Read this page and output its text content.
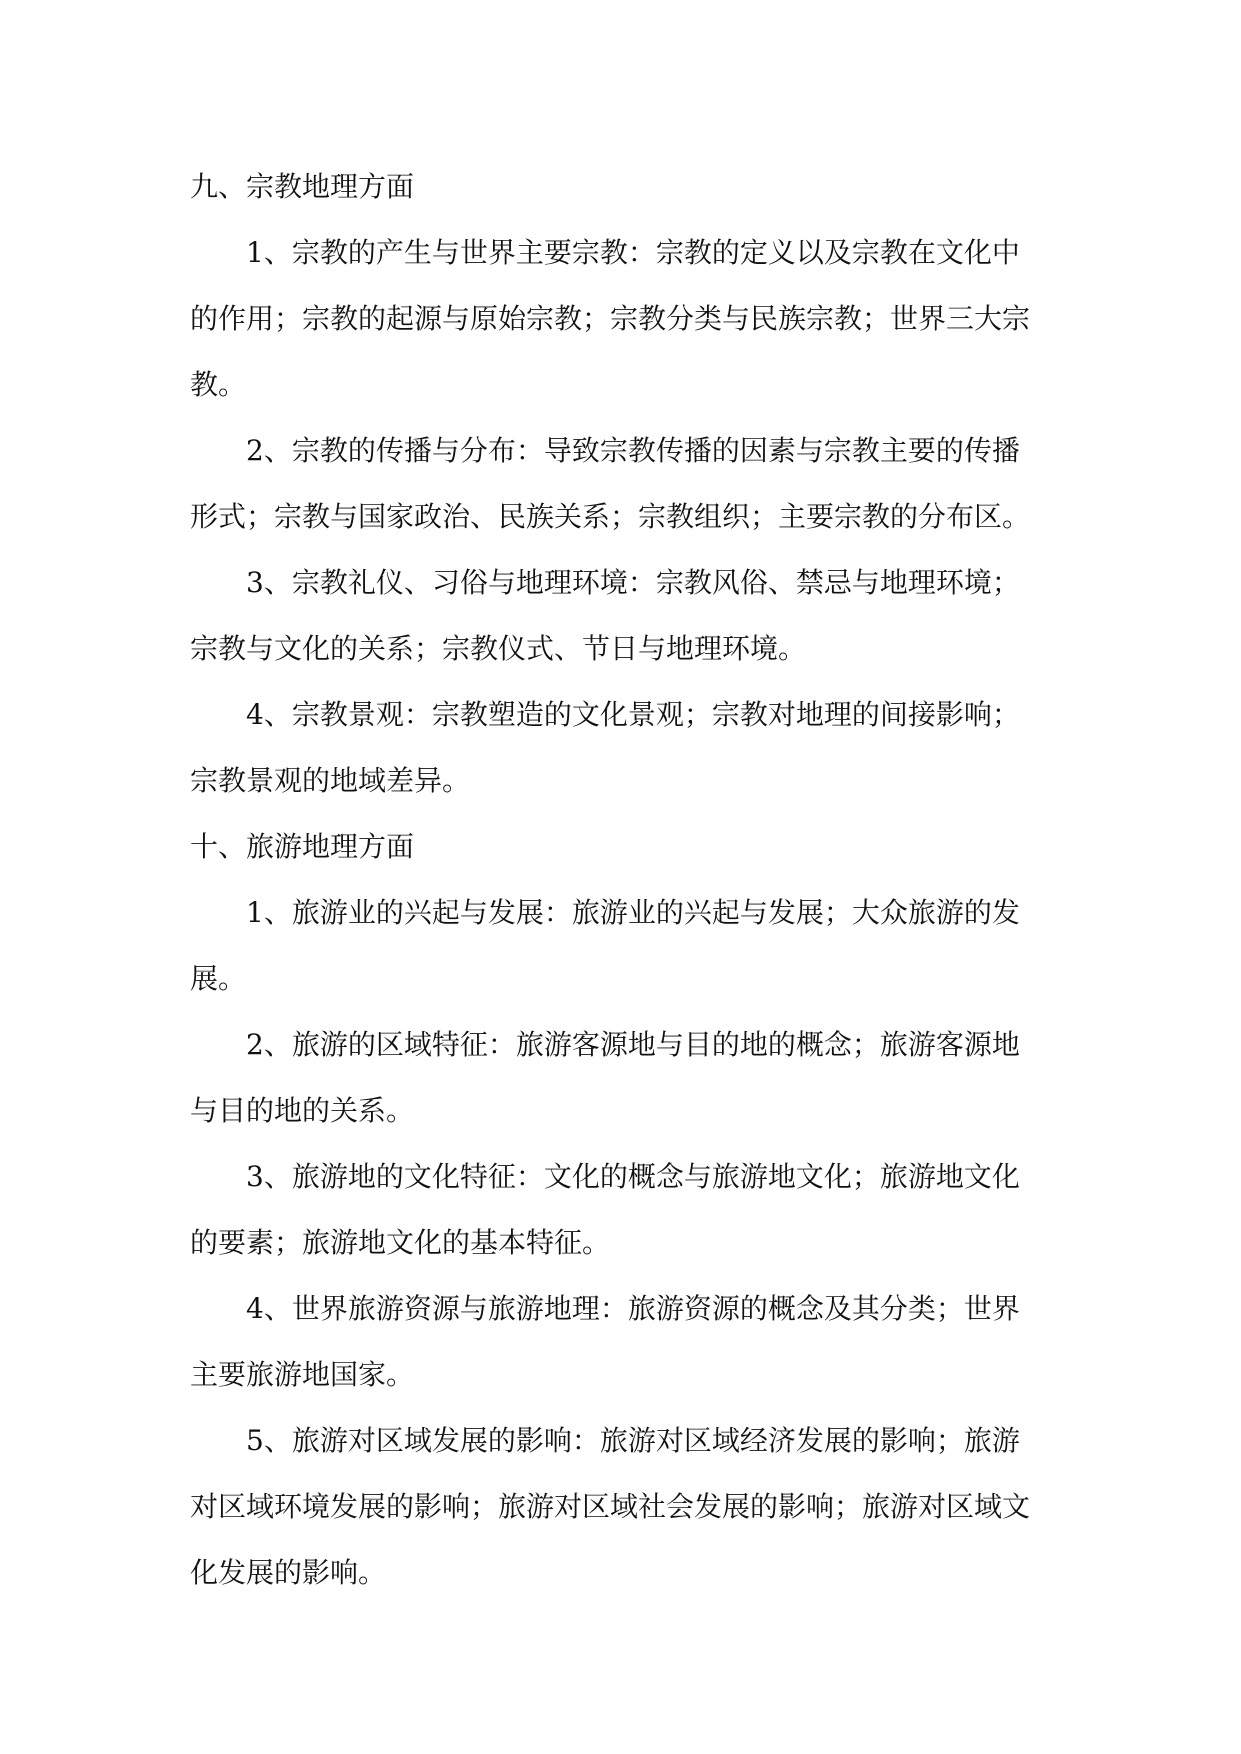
九、宗教地理方面

1、宗教的产生与世界主要宗教：宗教的定义以及宗教在文化中
的作用；宗教的起源与原始宗教；宗教分类与民族宗教；世界三大宗
教。

2、宗教的传播与分布：导致宗教传播的因素与宗教主要的传播
形式；宗教与国家政治、民族关系；宗教组织；主要宗教的分布区。

3、宗教礼仪、习俗与地理环境：宗教风俗、禁忌与地理环境；
宗教与文化的关系；宗教仪式、节日与地理环境。

4、宗教景观：宗教塑造的文化景观；宗教对地理的间接影响；
宗教景观的地域差异。

十、旅游地理方面

1、旅游业的兴起与发展：旅游业的兴起与发展；大众旅游的发
展。

2、旅游的区域特征：旅游客源地与目的地的概念；旅游客源地
与目的地的关系。

3、旅游地的文化特征：文化的概念与旅游地文化；旅游地文化
的要素；旅游地文化的基本特征。

4、世界旅游资源与旅游地理：旅游资源的概念及其分类；世界
主要旅游地国家。

5、旅游对区域发展的影响：旅游对区域经济发展的影响；旅游
对区域环境发展的影响；旅游对区域社会发展的影响；旅游对区域文
化发展的影响。
